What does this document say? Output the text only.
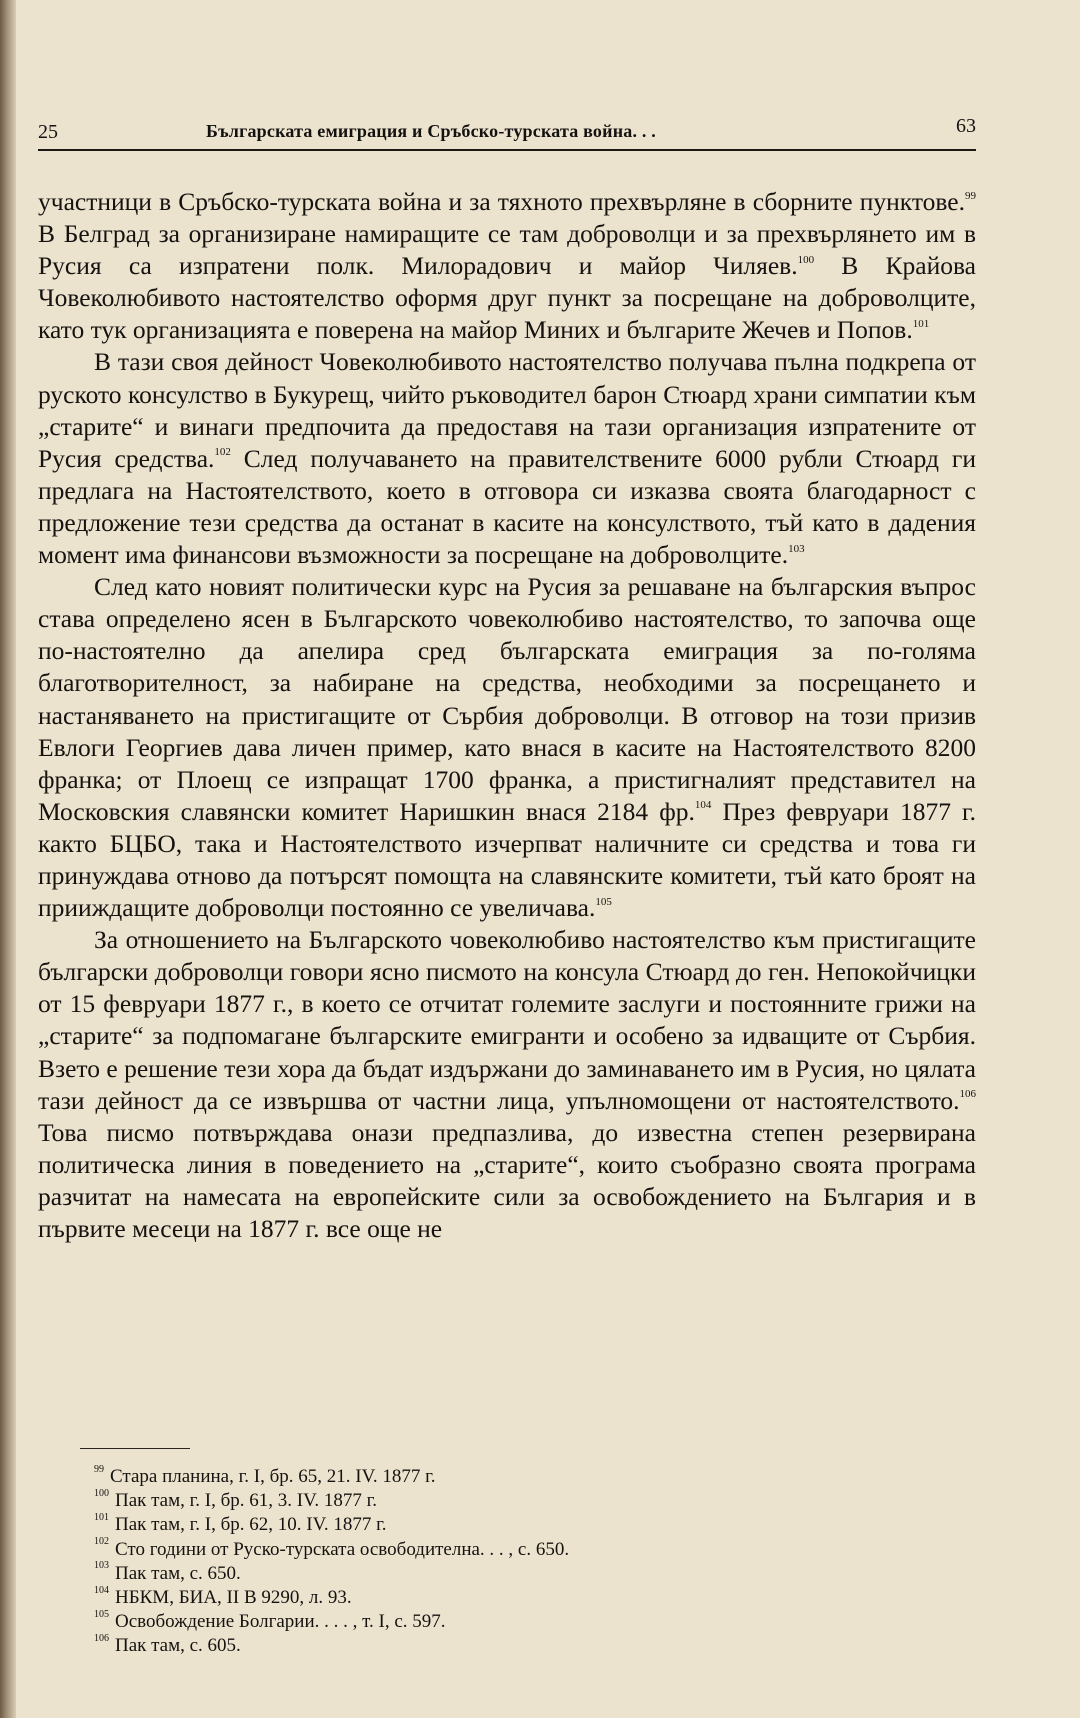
25	Българската емиграция и Сръбско-турската война. . .	63

участници в Сръбско-турската война и за тяхното прехвърляне в сборните пунктове.$^{99}$ В Белград за организиране намиращите се там доброволци и за прехвърлянето им в Русия са изпратени полк. Милорадович и майор Чиляев.$^{100}$ В Крайова Човеколюбивото настоятелство оформя друг пункт за посрещане на доброволците, като тук организацията е поверена на майор Миних и българите Жечев и Попов.$^{101}$

В тази своя дейност Човеколюбивото настоятелство получава пълна подкрепа от руското консулство в Букурещ, чийто ръководител барон Стюард храни симпатии към „старите“ и винаги предпочита да предоставя на тази организация изпратените от Русия средства.$^{102}$ След получаването на правителствените 6000 рубли Стюард ги предлага на Настоятелството, което в отговора си изказва своята благодарност с предложение тези средства да останат в касите на консулството, тъй като в дадения момент има финансови възможности за посрещане на доброволците.$^{103}$

След като новият политически курс на Русия за решаване на българския въпрос става определено ясен в Българското човеколюбиво настоятелство, то започва още по-настоятелно да апелира сред българската емиграция за по-голяма благотворителност, за набиране на средства, необходими за посрещането и настаняването на пристигащите от Сърбия доброволци. В отговор на този призив Евлоги Георгиев дава личен пример, като внася в касите на Настоятелството 8200 франка; от Плоещ се изпращат 1700 франка, а пристигналият представител на Московския славянски комитет Наришкин внася 2184 фр.$^{104}$ През февруари 1877 г. както БЦБО, така и Настоятелството изчерпват наличните си средства и това ги принуждава отново да потърсят помощта на славянските комитети, тъй като броят на прииждащите доброволци постоянно се увеличава.$^{105}$

За отношението на Българското човеколюбиво настоятелство към пристигащите български доброволци говори ясно писмото на консула Стюард до ген. Непокойчицки от 15 февруари 1877 г., в което се отчитат големите заслуги и постоянните грижи на „старите“ за подпомагане българските емигранти и особено за идващите от Сърбия. Взето е решение тези хора да бъдат издържани до заминаването им в Русия, но цялата тази дейност да се извършва от частни лица, упълномощени от настоятелството.$^{106}$ Това писмо потвърждава онази предпазлива, до известна степен резервирана политическа линия в поведението на „старите“, които съобразно своята програма разчитат на намесата на европейските сили за освобождението на България и в първите месеци на 1877 г. все още не

$^{99}$ Стара планина, г. I, бр. 65, 21. IV. 1877 г.
$^{100}$ Пак там, г. I, бр. 61, 3. IV. 1877 г.
$^{101}$ Пак там, г. I, бр. 62, 10. IV. 1877 г.
$^{102}$ Сто години от Руско-турската освободителна. . . , с. 650.
$^{103}$ Пак там, с. 650.
$^{104}$ НБКМ, БИА, II В 9290, л. 93.
$^{105}$ Освобождение Болгарии. . . . , т. I, с. 597.
$^{106}$ Пак там, с. 605.
